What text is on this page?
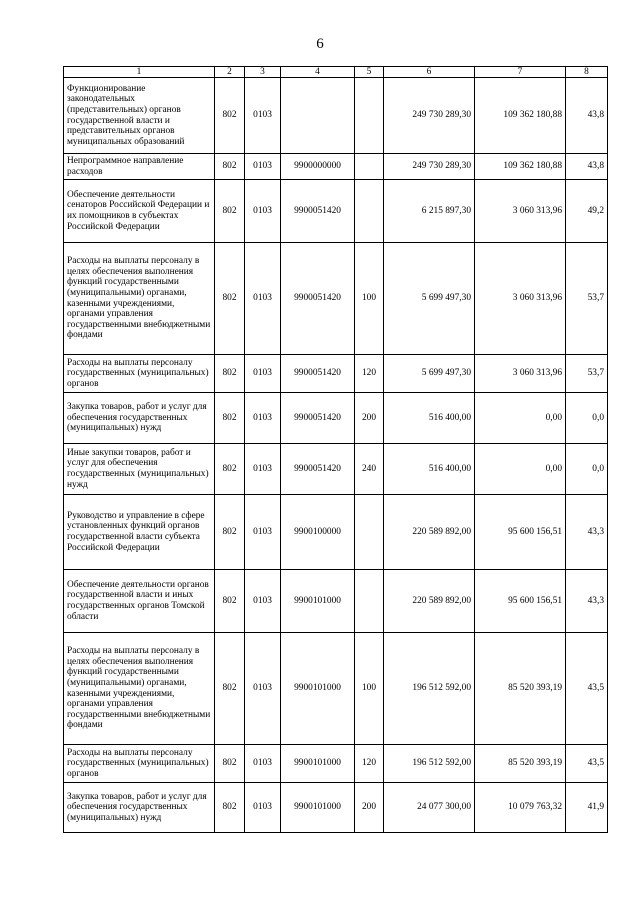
6
1	2	3	4	5	6	7	8
Функционирование законодательных (представительных) органов государственной власти и представительных органов муниципальных образований	802	0103			249 730 289,30	109 362 180,88	43,8
Непрограммное направление расходов	802	0103	9900000000		249 730 289,30	109 362 180,88	43,8
Обеспечение деятельности сенаторов Российской Федерации и их помощников в субъектах Российской Федерации	802	0103	9900051420		6 215 897,30	3 060 313,96	49,2
Расходы на выплаты персоналу в целях обеспечения выполнения функций государственными (муниципальными) органами, казенными учреждениями, органами управления государственными внебюджетными фондами	802	0103	9900051420	100	5 699 497,30	3 060 313,96	53,7
Расходы на выплаты персоналу государственных (муниципальных) органов	802	0103	9900051420	120	5 699 497,30	3 060 313,96	53,7
Закупка товаров, работ и услуг для обеспечения государственных (муниципальных) нужд	802	0103	9900051420	200	516 400,00	0,00	0,0
Иные закупки товаров, работ и услуг для обеспечения государственных (муниципальных) нужд	802	0103	9900051420	240	516 400,00	0,00	0,0
Руководство и управление в сфере установленных функций органов государственной власти субъекта Российской Федерации	802	0103	9900100000		220 589 892,00	95 600 156,51	43,3
Обеспечение деятельности органов государственной власти и иных государственных органов Томской области	802	0103	9900101000		220 589 892,00	95 600 156,51	43,3
Расходы на выплаты персоналу в целях обеспечения выполнения функций государственными (муниципальными) органами, казенными учреждениями, органами управления государственными внебюджетными фондами	802	0103	9900101000	100	196 512 592,00	85 520 393,19	43,5
Расходы на выплаты персоналу государственных (муниципальных) органов	802	0103	9900101000	120	196 512 592,00	85 520 393,19	43,5
Закупка товаров, работ и услуг для обеспечения государственных (муниципальных) нужд	802	0103	9900101000	200	24 077 300,00	10 079 763,32	41,9
